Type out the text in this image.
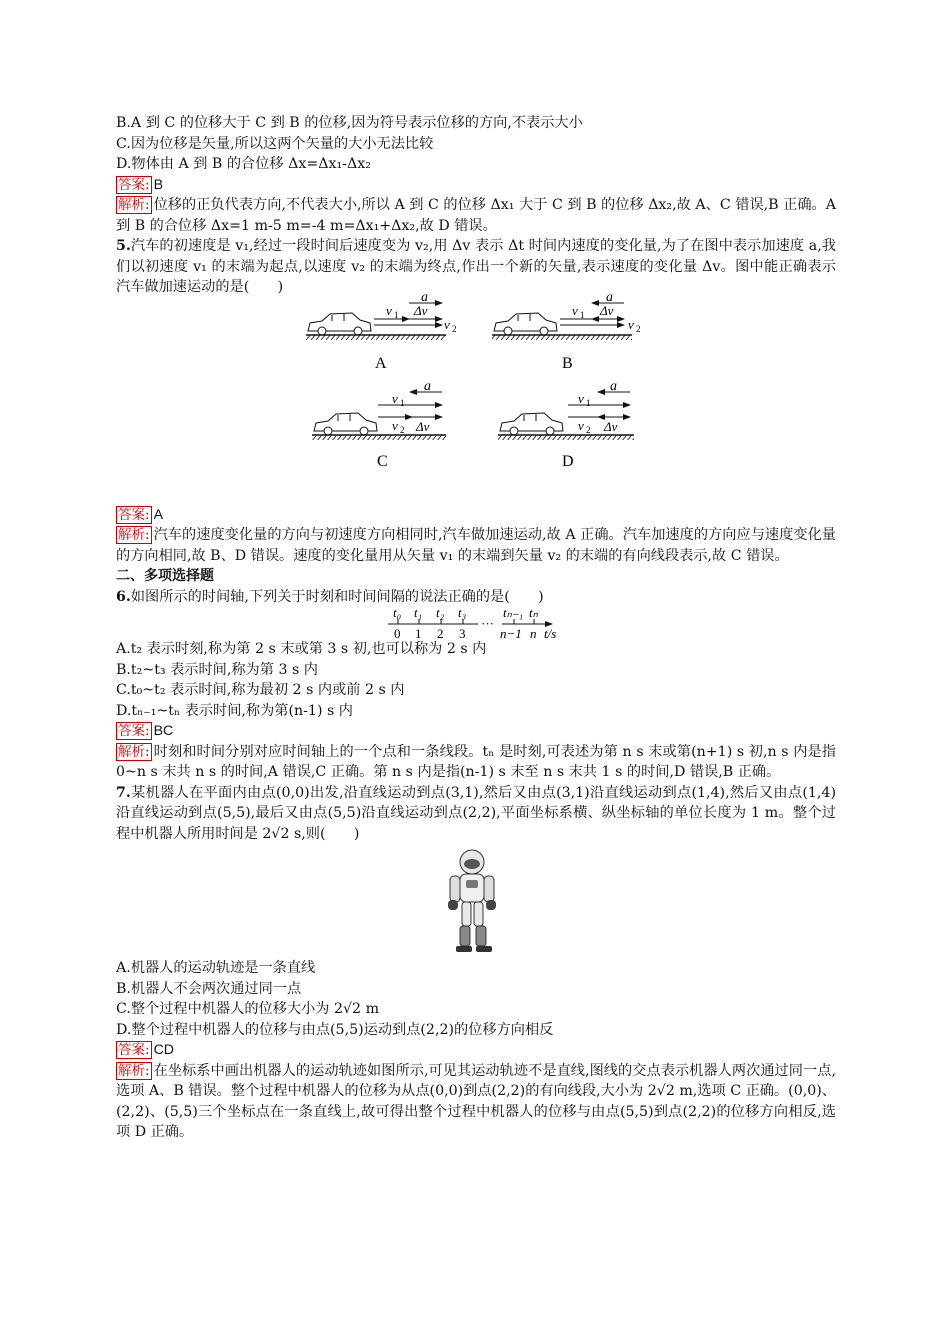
B.A 到 C 的位移大于 C 到 B 的位移,因为符号表示位移的方向,不表示大小
C.因为位移是矢量,所以这两个矢量的大小无法比较
D.物体由 A 到 B 的合位移 Δx=Δx₁-Δx₂
答案: B
解析: 位移的正负代表方向,不代表大小,所以 A 到 C 的位移 Δx₁ 大于 C 到 B 的位移 Δx₂,故 A、C 错误,B 正确。A 到 B 的合位移 Δx=1 m-5 m=-4 m=Δx₁+Δx₂,故 D 错误。
5.汽车的初速度是 v₁,经过一段时间后速度变为 v₂,用 Δv 表示 Δt 时间内速度的变化量,为了在图中表示加速度 a,我们以初速度 v₁ 的末端为起点,以速度 v₂ 的末端为终点,作出一个新的矢量,表示速度的变化量 Δv。图中能正确表示汽车做加速运动的是(　　)
a
v 1 Δv
v 2
A
a
v 1 Δv
v 2
B
a
v 1
v 2 Δv
C
a
v 1
v 2 Δv
D
答案: A
解析: 汽车的速度变化量的方向与初速度方向相同时,汽车做加速运动,故 A 正确。汽车加速度的方向应与速度变化量的方向相同,故 B、D 错误。速度的变化量用从矢量 v₁ 的末端到矢量 v₂ 的末端的有向线段表示,故 C 错误。
二、多项选择题
6.如图所示的时间轴,下列关于时刻和时间间隔的说法正确的是(　　)
t₀ t₁ t₂ t₃	tₙ₋₁ tₙ
···
0 1 2 3	n−1 n t/s
A.t₂ 表示时刻,称为第 2 s 末或第 3 s 初,也可以称为 2 s 内
B.t₂~t₃ 表示时间,称为第 3 s 内
C.t₀~t₂ 表示时间,称为最初 2 s 内或前 2 s 内
D.tₙ₋₁~tₙ 表示时间,称为第(n-1) s 内
答案: BC
解析: 时刻和时间分别对应时间轴上的一个点和一条线段。tₙ 是时刻,可表述为第 n s 末或第(n+1) s 初,n s 内是指 0~n s 末共 n s 的时间,A 错误,C 正确。第 n s 内是指(n-1) s 末至 n s 末共 1 s 的时间,D 错误,B 正确。
7.某机器人在平面内由点(0,0)出发,沿直线运动到点(3,1),然后又由点(3,1)沿直线运动到点(1,4),然后又由点(1,4)沿直线运动到点(5,5),最后又由点(5,5)沿直线运动到点(2,2),平面坐标系横、纵坐标轴的单位长度为 1 m。整个过程中机器人所用时间是 2√2 s,则(　　)
A.机器人的运动轨迹是一条直线
B.机器人不会两次通过同一点
C.整个过程中机器人的位移大小为 2√2 m
D.整个过程中机器人的位移与由点(5,5)运动到点(2,2)的位移方向相反
答案: CD
解析: 在坐标系中画出机器人的运动轨迹如图所示,可见其运动轨迹不是直线,图线的交点表示机器人两次通过同一点,选项 A、B 错误。整个过程中机器人的位移为从点(0,0)到点(2,2)的有向线段,大小为 2√2 m,选项 C 正确。(0,0)、(2,2)、(5,5)三个坐标点在一条直线上,故可得出整个过程中机器人的位移与由点(5,5)到点(2,2)的位移方向相反,选项 D 正确。
